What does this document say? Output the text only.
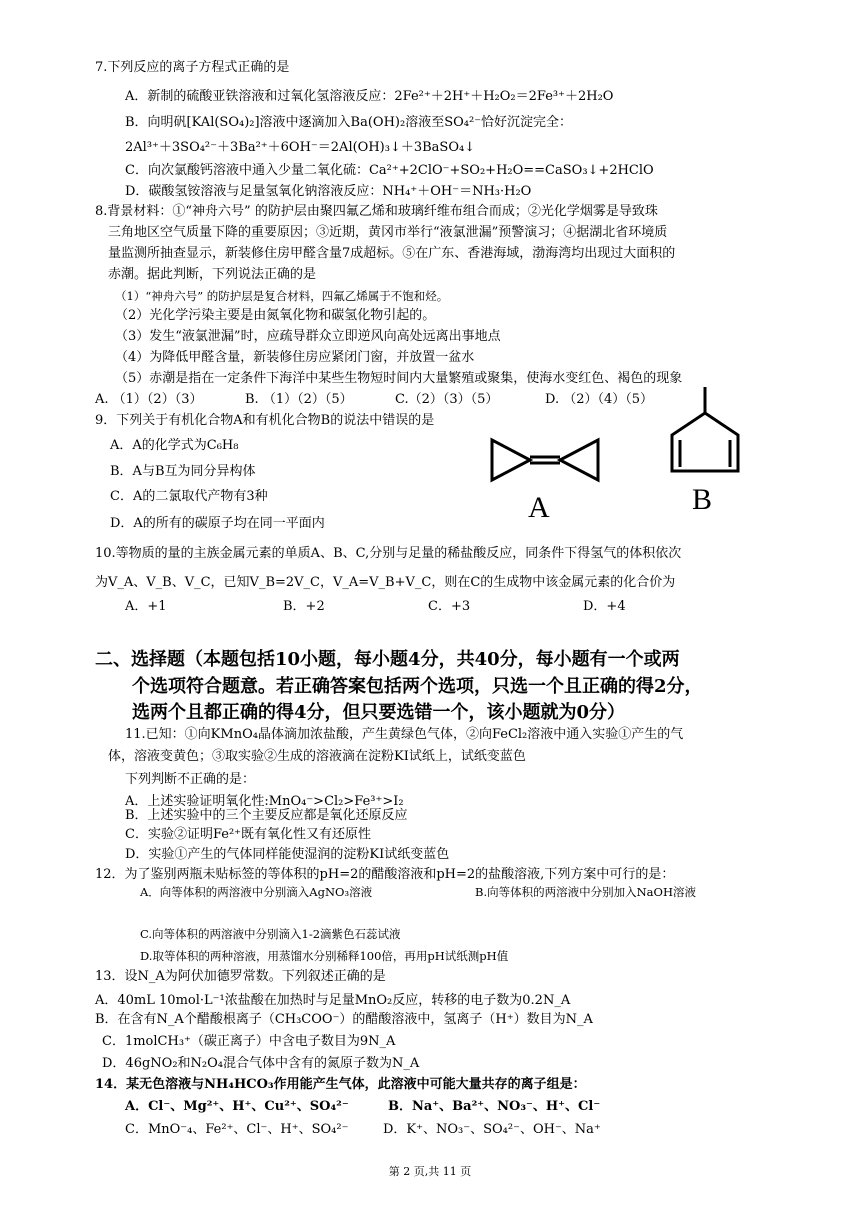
7.下列反应的离子方程式正确的是
A．新制的硫酸亚铁溶液和过氧化氢溶液反应：2Fe²⁺＋2H⁺＋H₂O₂＝2Fe³⁺＋2H₂O
B．向明矾[KAl(SO₄)₂]溶液中逐滴加入Ba(OH)₂溶液至SO₄²⁻恰好沉淀完全：
2Al³⁺＋3SO₄²⁻＋3Ba²⁺＋6OH⁻＝2Al(OH)₃↓＋3BaSO₄↓
C．向次氯酸钙溶液中通入少量二氧化硫：Ca²⁺+2ClO⁻+SO₂+H₂O==CaSO₃↓+2HClO
D．碳酸氢铵溶液与足量氢氧化钠溶液反应：NH₄⁺＋OH⁻＝NH₃·H₂O
8.背景材料：①“神舟六号” 的防护层由聚四氟乙烯和玻璃纤维布组合而成；②光化学烟雾是导致珠
三角地区空气质量下降的重要原因；③近期，黄冈市举行“液氯泄漏”预警演习；④据湖北省环境质
量监测所抽查显示，新装修住房甲醛含量7成超标。⑤在广东、香港海域，渤海湾均出现过大面积的
赤潮。据此判断，下列说法正确的是
（1）“神舟六号” 的防护层是复合材料，四氟乙烯属于不饱和烃。
（2）光化学污染主要是由氮氧化物和碳氢化物引起的。
（3）发生“液氯泄漏”时，应疏导群众立即逆风向高处远离出事地点
（4）为降低甲醛含量，新装修住房应紧闭门窗，并放置一盆水
（5）赤潮是指在一定条件下海洋中某些生物短时间内大量繁殖或聚集，使海水变红色、褐色的现象
A. （1）（2）（3）	B. （1）（2）（5）	C.（2）（3）（5）	D. （2）（4）（5）
9．下列关于有机化合物A和有机化合物B的说法中错误的是
A．A的化学式为C₆H₈
B．A与B互为同分异构体
C．A的二氯取代产物有3种
D．A的所有的碳原子均在同一平面内	A	B
10.等物质的量的主族金属元素的单质A、B、C,分别与足量的稀盐酸反应，同条件下得氢气的体积依次
为V_A、V_B、V_C，已知V_B=2V_C，V_A=V_B+V_C，则在C的生成物中该金属元素的化合价为
A．+1	B．+2	C．+3	D．+4
二、选择题（本题包括10小题，每小题4分，共40分，每小题有一个或两
个选项符合题意。若正确答案包括两个选项，只选一个且正确的得2分，
选两个且都正确的得4分，但只要选错一个，该小题就为0分）
11.已知：①向KMnO₄晶体滴加浓盐酸，产生黄绿色气体，②向FeCl₂溶液中通入实验①产生的气
体，溶液变黄色；③取实验②生成的溶液滴在淀粉KI试纸上，试纸变蓝色
下列判断不正确的是：
A．上述实验证明氧化性:MnO₄⁻>Cl₂>Fe³⁺>I₂
B．上述实验中的三个主要反应都是氧化还原反应
C．实验②证明Fe²⁺既有氧化性又有还原性
D．实验①产生的气体同样能使湿润的淀粉KI试纸变蓝色
12．为了鉴别两瓶未贴标签的等体积的pH=2的醋酸溶液和pH=2的盐酸溶液,下列方案中可行的是：
A．向等体积的两溶液中分别滴入AgNO₃溶液	B.向等体积的两溶液中分别加入NaOH溶液
C.向等体积的两溶液中分别滴入1-2滴紫色石蕊试液
D.取等体积的两种溶液，用蒸馏水分别稀释100倍，再用pH试纸测pH值
13．设N_A为阿伏加德罗常数。下列叙述正确的是
A．40mL 10mol·L⁻¹浓盐酸在加热时与足量MnO₂反应，转移的电子数为0.2N_A
B．在含有N_A个醋酸根离子（CH₃COO⁻）的醋酸溶液中，氢离子（H⁺）数目为N_A
C．1molCH₃⁺（碳正离子）中含电子数目为9N_A
D．46gNO₂和N₂O₄混合气体中含有的氮原子数为N_A
14．某无色溶液与NH₄HCO₃作用能产生气体，此溶液中可能大量共存的离子组是：
A．Cl⁻、Mg²⁺、H⁺、Cu²⁺、SO₄²⁻	B．Na⁺、Ba²⁺、NO₃⁻、H⁺、Cl⁻
C．MnO⁻₄、Fe²⁺、Cl⁻、H⁺、SO₄²⁻	D．K⁺、NO₃⁻、SO₄²⁻、OH⁻、Na⁺
第 2 页,共 11 页
